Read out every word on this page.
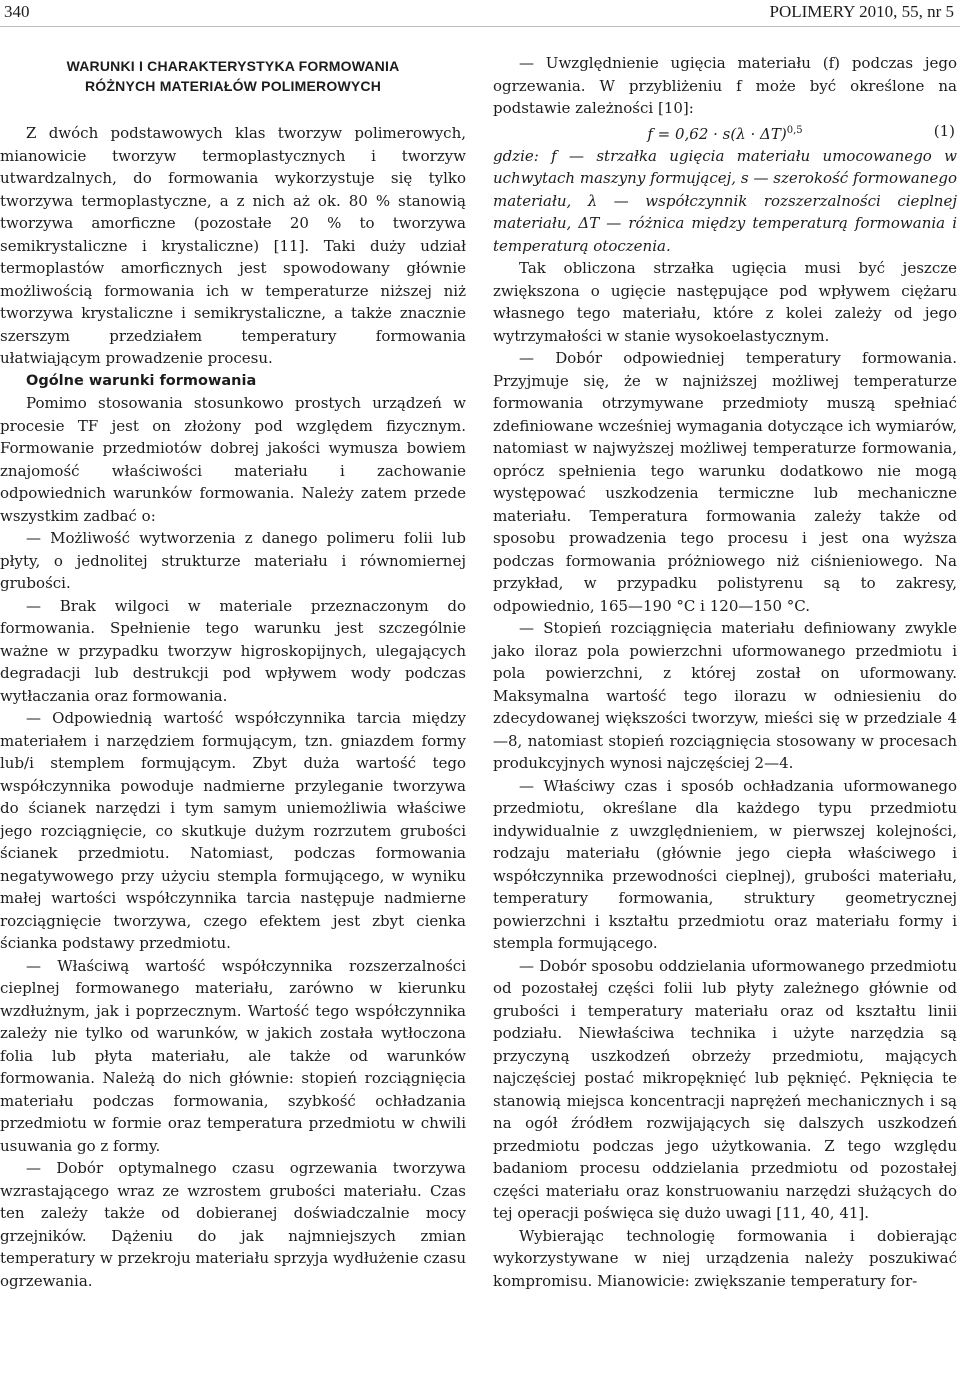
340	POLIMERY 2010, 55, nr 5
WARUNKI I CHARAKTERYSTYKA FORMOWANIA
RÓŻNYCH MATERIAŁÓW POLIMEROWYCH

Z dwóch podstawowych klas tworzyw polimerowych, mianowicie tworzyw termoplastycznych i tworzyw utwardzalnych, do formowania wykorzystuje się tylko tworzywa termoplastyczne, a z nich aż ok. 80 % stanowią tworzywa amorficzne (pozostałe 20 % to tworzywa semikrystaliczne i krystaliczne) [11]. Taki duży udział termoplastów amorficznych jest spowodowany głównie możliwością formowania ich w temperaturze niższej niż tworzywa krystaliczne i semikrystaliczne, a także znacznie szerszym przedziałem temperatury formowania ułatwiającym prowadzenie procesu.

Ogólne warunki formowania

Pomimo stosowania stosunkowo prostych urządzeń w procesie TF jest on złożony pod względem fizycznym. Formowanie przedmiotów dobrej jakości wymusza bowiem znajomość właściwości materiału i zachowanie odpowiednich warunków formowania. Należy zatem przede wszystkim zadbać o:

— Możliwość wytworzenia z danego polimeru folii lub płyty, o jednolitej strukturze materiału i równomiernej grubości.

— Brak wilgoci w materiale przeznaczonym do formowania. Spełnienie tego warunku jest szczególnie ważne w przypadku tworzyw higroskopijnych, ulegających degradacji lub destrukcji pod wpływem wody podczas wytłaczania oraz formowania.

— Odpowiednią wartość współczynnika tarcia między materiałem i narzędziem formującym, tzn. gniazdem formy lub/i stemplem formującym. Zbyt duża wartość tego współczynnika powoduje nadmierne przyleganie tworzywa do ścianek narzędzi i tym samym uniemożliwia właściwe jego rozciągnięcie, co skutkuje dużym rozrzutem grubości ścianek przedmiotu. Natomiast, podczas formowania negatywowego przy użyciu stempla formującego, w wyniku małej wartości współczynnika tarcia następuje nadmierne rozciągnięcie tworzywa, czego efektem jest zbyt cienka ścianka podstawy przedmiotu.

— Właściwą wartość współczynnika rozszerzalności cieplnej formowanego materiału, zarówno w kierunku wzdłużnym, jak i poprzecznym. Wartość tego współczynnika zależy nie tylko od warunków, w jakich została wytłoczona folia lub płyta materiału, ale także od warunków formowania. Należą do nich głównie: stopień rozciągnięcia materiału podczas formowania, szybkość ochładzania przedmiotu w formie oraz temperatura przedmiotu w chwili usuwania go z formy.

— Dobór optymalnego czasu ogrzewania tworzywa wzrastającego wraz ze wzrostem grubości materiału. Czas ten zależy także od dobieranej doświadczalnie mocy grzejników. Dążeniu do jak najmniejszych zmian temperatury w przekroju materiału sprzyja wydłużenie czasu ogrzewania.

— Uwzględnienie ugięcia materiału (f) podczas jego ogrzewania. W przybliżeniu f może być określone na podstawie zależności [10]:

$f = 0,62 \cdot s(\lambda \cdot \Delta T)^{0,5}$	(1)

gdzie: f — strzałka ugięcia materiału umocowanego w uchwytach maszyny formującej, s — szerokość formowanego materiału, λ — współczynnik rozszerzalności cieplnej materiału, ΔT — różnica między temperaturą formowania i temperaturą otoczenia.

Tak obliczona strzałka ugięcia musi być jeszcze zwiększona o ugięcie następujące pod wpływem ciężaru własnego tego materiału, które z kolei zależy od jego wytrzymałości w stanie wysokoelastycznym.

— Dobór odpowiedniej temperatury formowania. Przyjmuje się, że w najniższej możliwej temperaturze formowania otrzymywane przedmioty muszą spełniać zdefiniowane wcześniej wymagania dotyczące ich wymiarów, natomiast w najwyższej możliwej temperaturze formowania, oprócz spełnienia tego warunku dodatkowo nie mogą występować uszkodzenia termiczne lub mechaniczne materiału. Temperatura formowania zależy także od sposobu prowadzenia tego procesu i jest ona wyższa podczas formowania próżniowego niż ciśnieniowego. Na przykład, w przypadku polistyrenu są to zakresy, odpowiednio, 165—190 °C i 120—150 °C.

— Stopień rozciągnięcia materiału definiowany zwykle jako iloraz pola powierzchni uformowanego przedmiotu i pola powierzchni, z której został on uformowany. Maksymalna wartość tego ilorazu w odniesieniu do zdecydowanej większości tworzyw, mieści się w przedziale 4—8, natomiast stopień rozciągnięcia stosowany w procesach produkcyjnych wynosi najczęściej 2—4.

— Właściwy czas i sposób ochładzania uformowanego przedmiotu, określane dla każdego typu przedmiotu indywidualnie z uwzględnieniem, w pierwszej kolejności, rodzaju materiału (głównie jego ciepła właściwego i współczynnika przewodności cieplnej), grubości materiału, temperatury formowania, struktury geometrycznej powierzchni i kształtu przedmiotu oraz materiału formy i stempla formującego.

— Dobór sposobu oddzielania uformowanego przedmiotu od pozostałej części folii lub płyty zależnego głównie od grubości i temperatury materiału oraz od kształtu linii podziału. Niewłaściwa technika i użyte narzędzia są przyczyną uszkodzeń obrzeży przedmiotu, mających najczęściej postać mikropęknięć lub pęknięć. Pęknięcia te stanowią miejsca koncentracji naprężeń mechanicznych i są na ogół źródłem rozwijających się dalszych uszkodzeń przedmiotu podczas jego użytkowania. Z tego względu badaniom procesu oddzielania przedmiotu od pozostałej części materiału oraz konstruowaniu narzędzi służących do tej operacji poświęca się dużo uwagi [11, 40, 41].

Wybierając technologię formowania i dobierając wykorzystywane w niej urządzenia należy poszukiwać kompromisu. Mianowicie: zwiększanie temperatury for-
